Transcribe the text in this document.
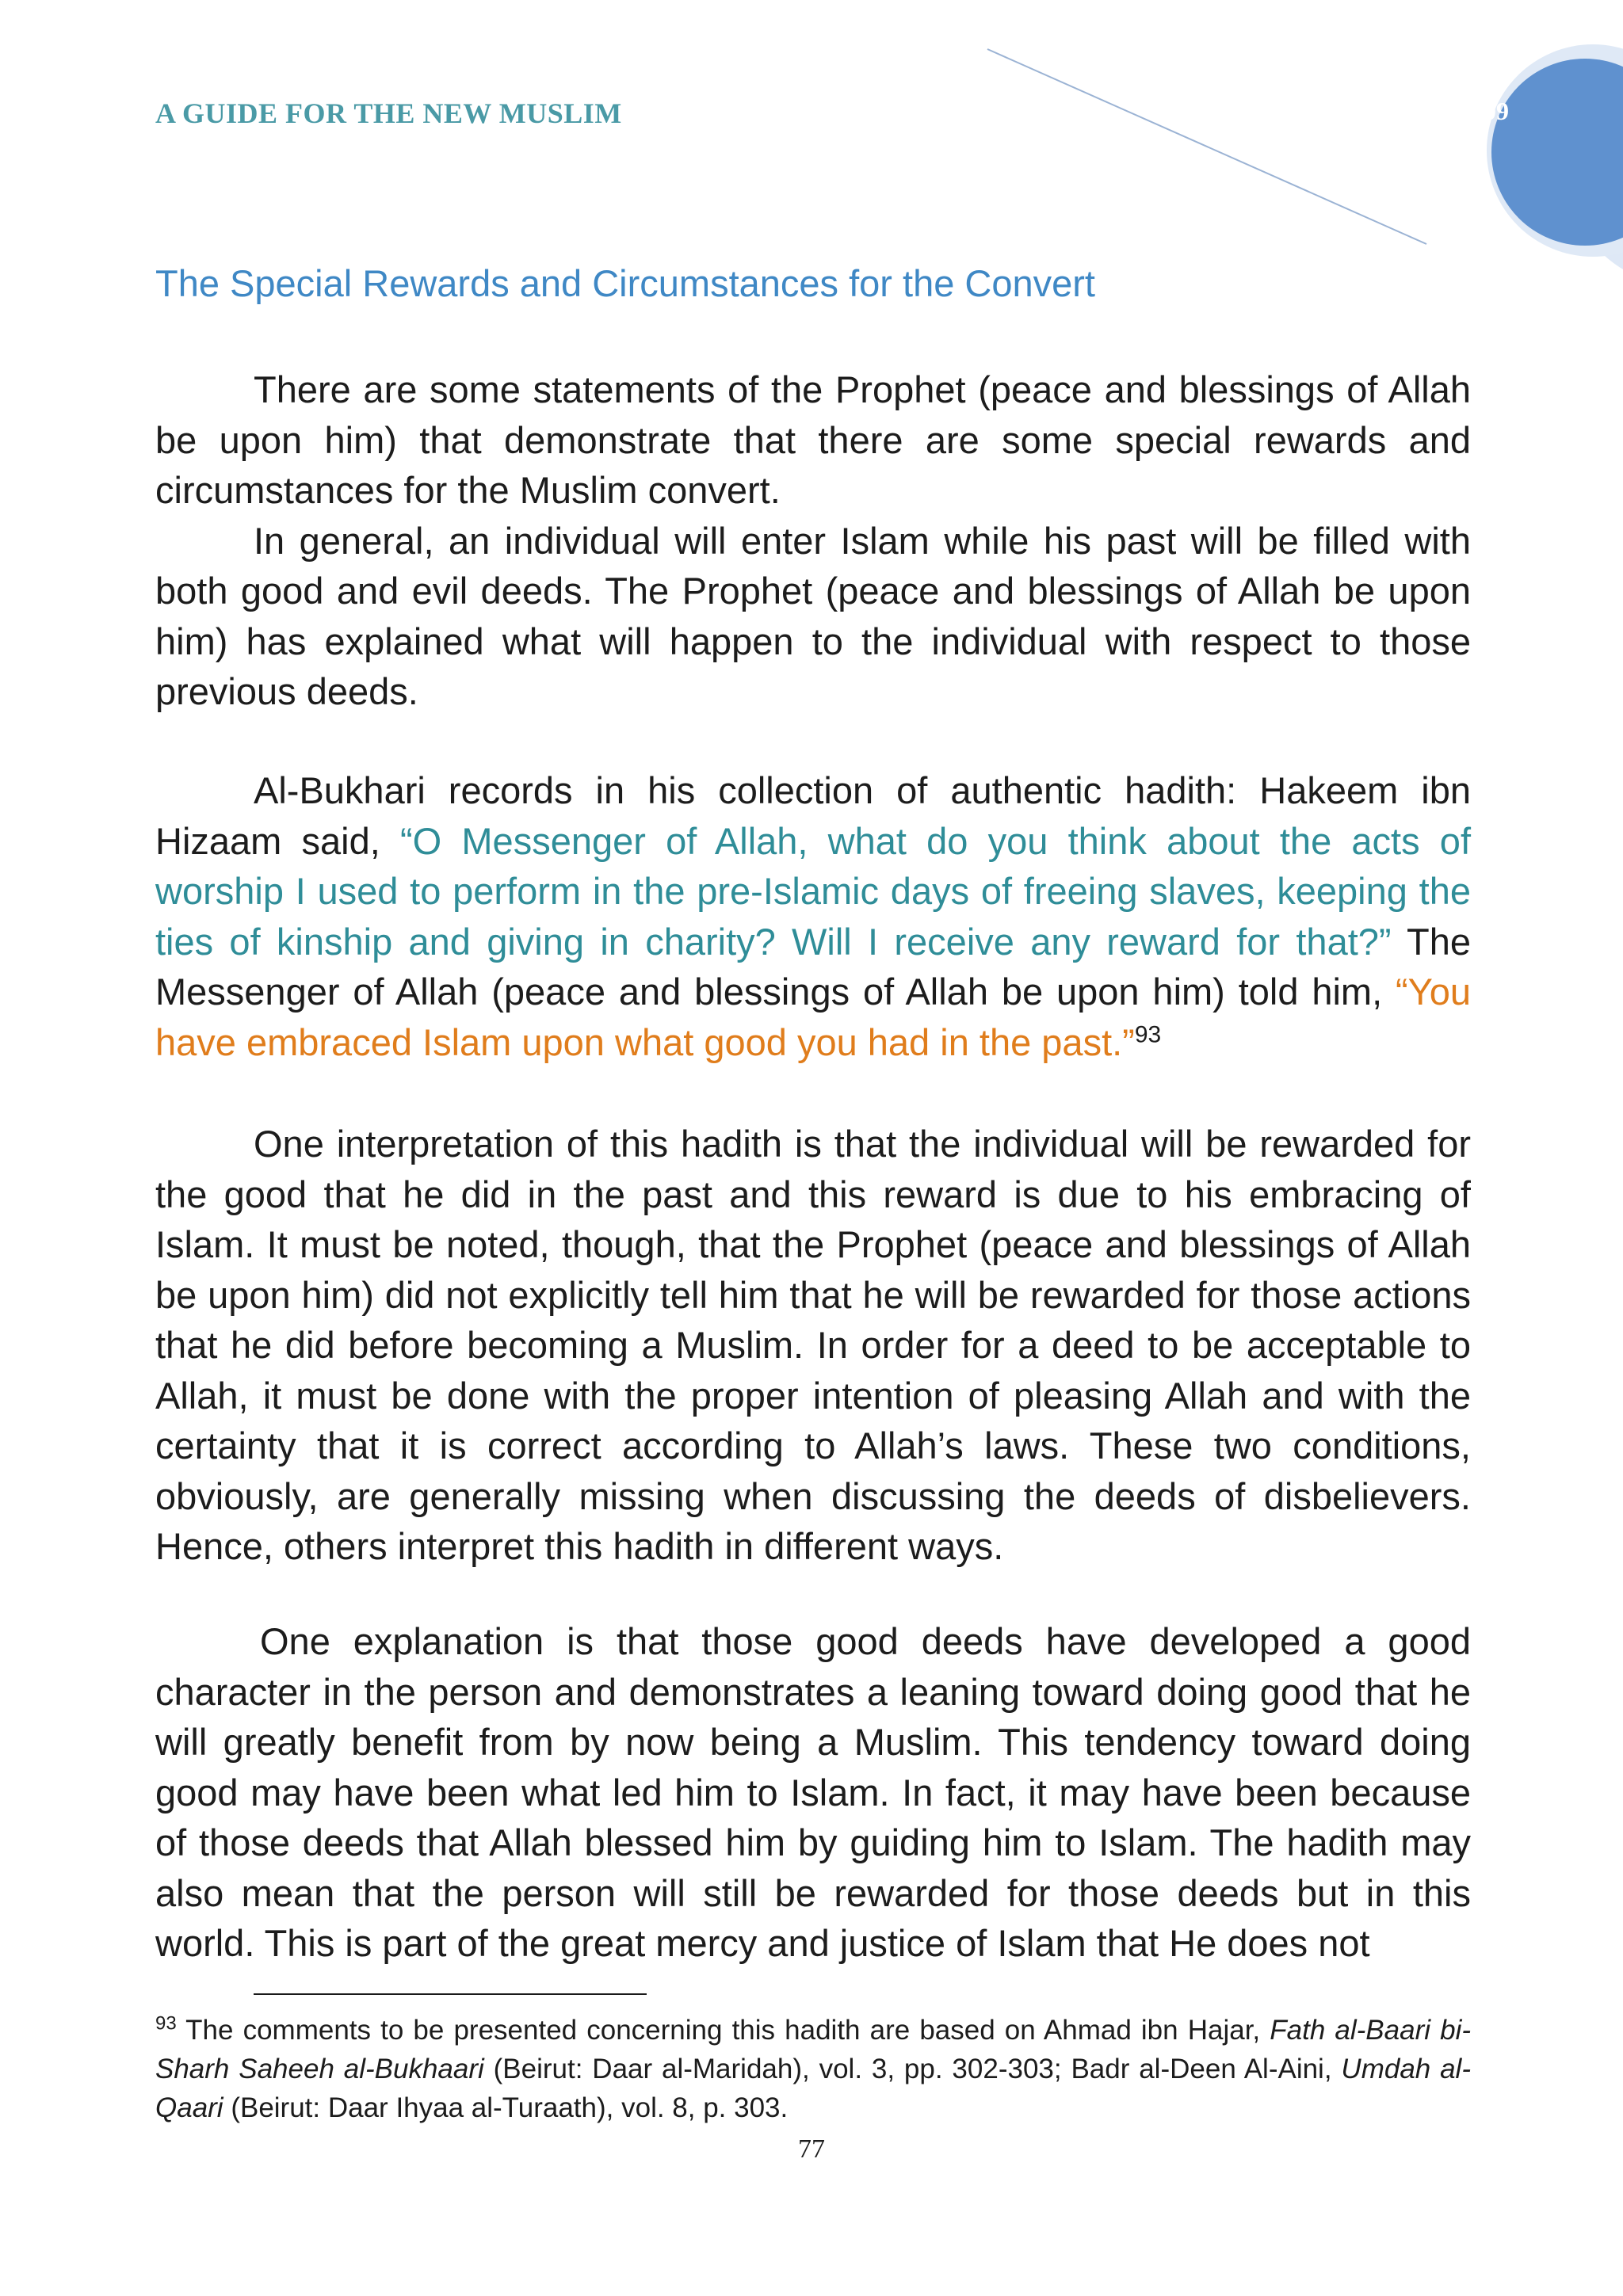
A GUIDE FOR THE NEW MUSLIM	1430 2009
The Special Rewards and Circumstances for the Convert

There are some statements of the Prophet (peace and blessings of Allah be upon him) that demonstrate that there are some special rewards and circumstances for the Muslim convert.

In general, an individual will enter Islam while his past will be filled with both good and evil deeds. The Prophet (peace and blessings of Allah be upon him) has explained what will happen to the individual with respect to those previous deeds.

Al-Bukhari records in his collection of authentic hadith: Hakeem ibn Hizaam said, “O Messenger of Allah, what do you think about the acts of worship I used to perform in the pre-Islamic days of freeing slaves, keeping the ties of kinship and giving in charity? Will I receive any reward for that?” The Messenger of Allah (peace and blessings of Allah be upon him) told him, “You have embraced Islam upon what good you had in the past.”$^{93}$

One interpretation of this hadith is that the individual will be rewarded for the good that he did in the past and this reward is due to his embracing of Islam. It must be noted, though, that the Prophet (peace and blessings of Allah be upon him) did not explicitly tell him that he will be rewarded for those actions that he did before becoming a Muslim. In order for a deed to be acceptable to Allah, it must be done with the proper intention of pleasing Allah and with the certainty that it is correct according to Allah’s laws. These two conditions, obviously, are generally missing when discussing the deeds of disbelievers. Hence, others interpret this hadith in different ways.

One explanation is that those good deeds have developed a good character in the person and demonstrates a leaning toward doing good that he will greatly benefit from by now being a Muslim. This tendency toward doing good may have been what led him to Islam. In fact, it may have been because of those deeds that Allah blessed him by guiding him to Islam. The hadith may also mean that the person will still be rewarded for those deeds but in this world. This is part of the great mercy and justice of Islam that He does not

$^{93}$ The comments to be presented concerning this hadith are based on Ahmad ibn Hajar, Fath al-Baari bi-Sharh Saheeh al-Bukhaari (Beirut: Daar al-Maridah), vol. 3, pp. 302-303; Badr al-Deen Al-Aini, Umdah al-Qaari (Beirut: Daar Ihyaa al-Turaath), vol. 8, p. 303.
77
